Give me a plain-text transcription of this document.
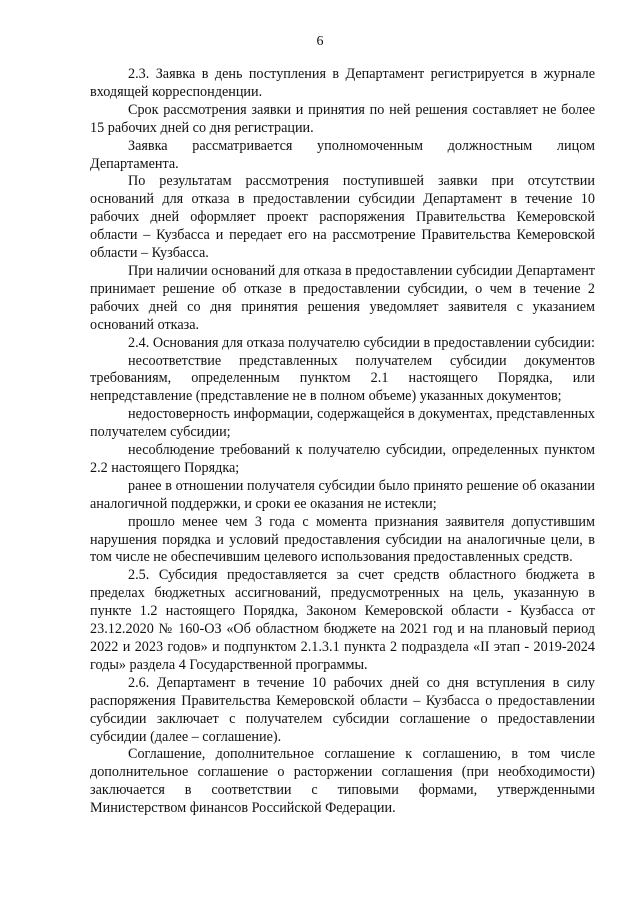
6

2.3. Заявка в день поступления в Департамент регистрируется в журнале входящей корреспонденции.

Срок рассмотрения заявки и принятия по ней решения составляет не более 15 рабочих дней со дня регистрации.

Заявка рассматривается уполномоченным должностным лицом Департамента.

По результатам рассмотрения поступившей заявки при отсутствии оснований для отказа в предоставлении субсидии Департамент в течение 10 рабочих дней оформляет проект распоряжения Правительства Кемеровской области – Кузбасса и передает его на рассмотрение Правительства Кемеровской области – Кузбасса.

При наличии оснований для отказа в предоставлении субсидии Департамент принимает решение об отказе в предоставлении субсидии, о чем в течение 2 рабочих дней со дня принятия решения уведомляет заявителя с указанием оснований отказа.

2.4. Основания для отказа получателю субсидии в предоставлении субсидии:

несоответствие представленных получателем субсидии документов требованиям, определенным пунктом 2.1 настоящего Порядка, или непредставление (представление не в полном объеме) указанных документов;

недостоверность информации, содержащейся в документах, представленных получателем субсидии;

несоблюдение требований к получателю субсидии, определенных пунктом 2.2 настоящего Порядка;

ранее в отношении получателя субсидии было принято решение об оказании аналогичной поддержки, и сроки ее оказания не истекли;

прошло менее чем 3 года с момента признания заявителя допустившим нарушения порядка и условий предоставления субсидии на аналогичные цели, в том числе не обеспечившим целевого использования предоставленных средств.

2.5. Субсидия предоставляется за счет средств областного бюджета в пределах бюджетных ассигнований, предусмотренных на цель, указанную в пункте 1.2 настоящего Порядка, Законом Кемеровской области - Кузбасса от 23.12.2020 № 160-ОЗ «Об областном бюджете на 2021 год и на плановый период 2022 и 2023 годов» и подпунктом 2.1.3.1 пункта 2 подраздела «II этап - 2019-2024 годы» раздела 4 Государственной программы.

2.6. Департамент в течение 10 рабочих дней со дня вступления в силу распоряжения Правительства Кемеровской области – Кузбасса о предоставлении субсидии заключает с получателем субсидии соглашение о предоставлении субсидии (далее – соглашение).

Соглашение, дополнительное соглашение к соглашению, в том числе дополнительное соглашение о расторжении соглашения (при необходимости) заключается в соответствии с типовыми формами, утвержденными Министерством финансов Российской Федерации.
